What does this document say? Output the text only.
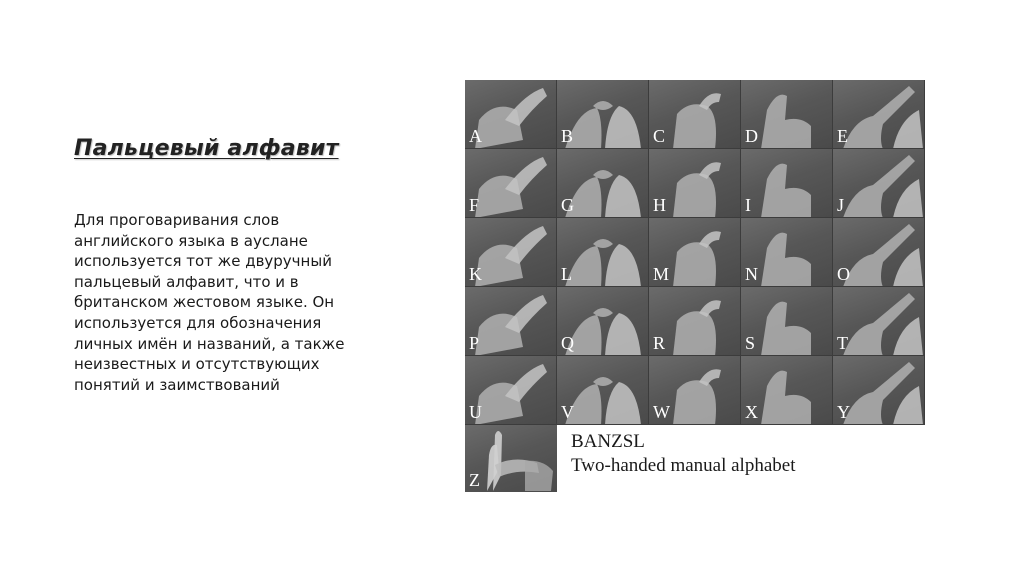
Пальцевый алфавит
Для проговаривания слов
английского языка в ауслане
используется тот же двуручный
пальцевый алфавит, что и в
британском жестовом языке. Он
используется для обозначения
личных имён и названий, а также
неизвестных и отсутствующих
понятий и заимствований
A	B	C	D	E
F	G	H	I	J
K	L	M	N	O
P	Q	R	S	T
U	V	W	X	Y
Z
BANZSL
Two-handed manual alphabet
